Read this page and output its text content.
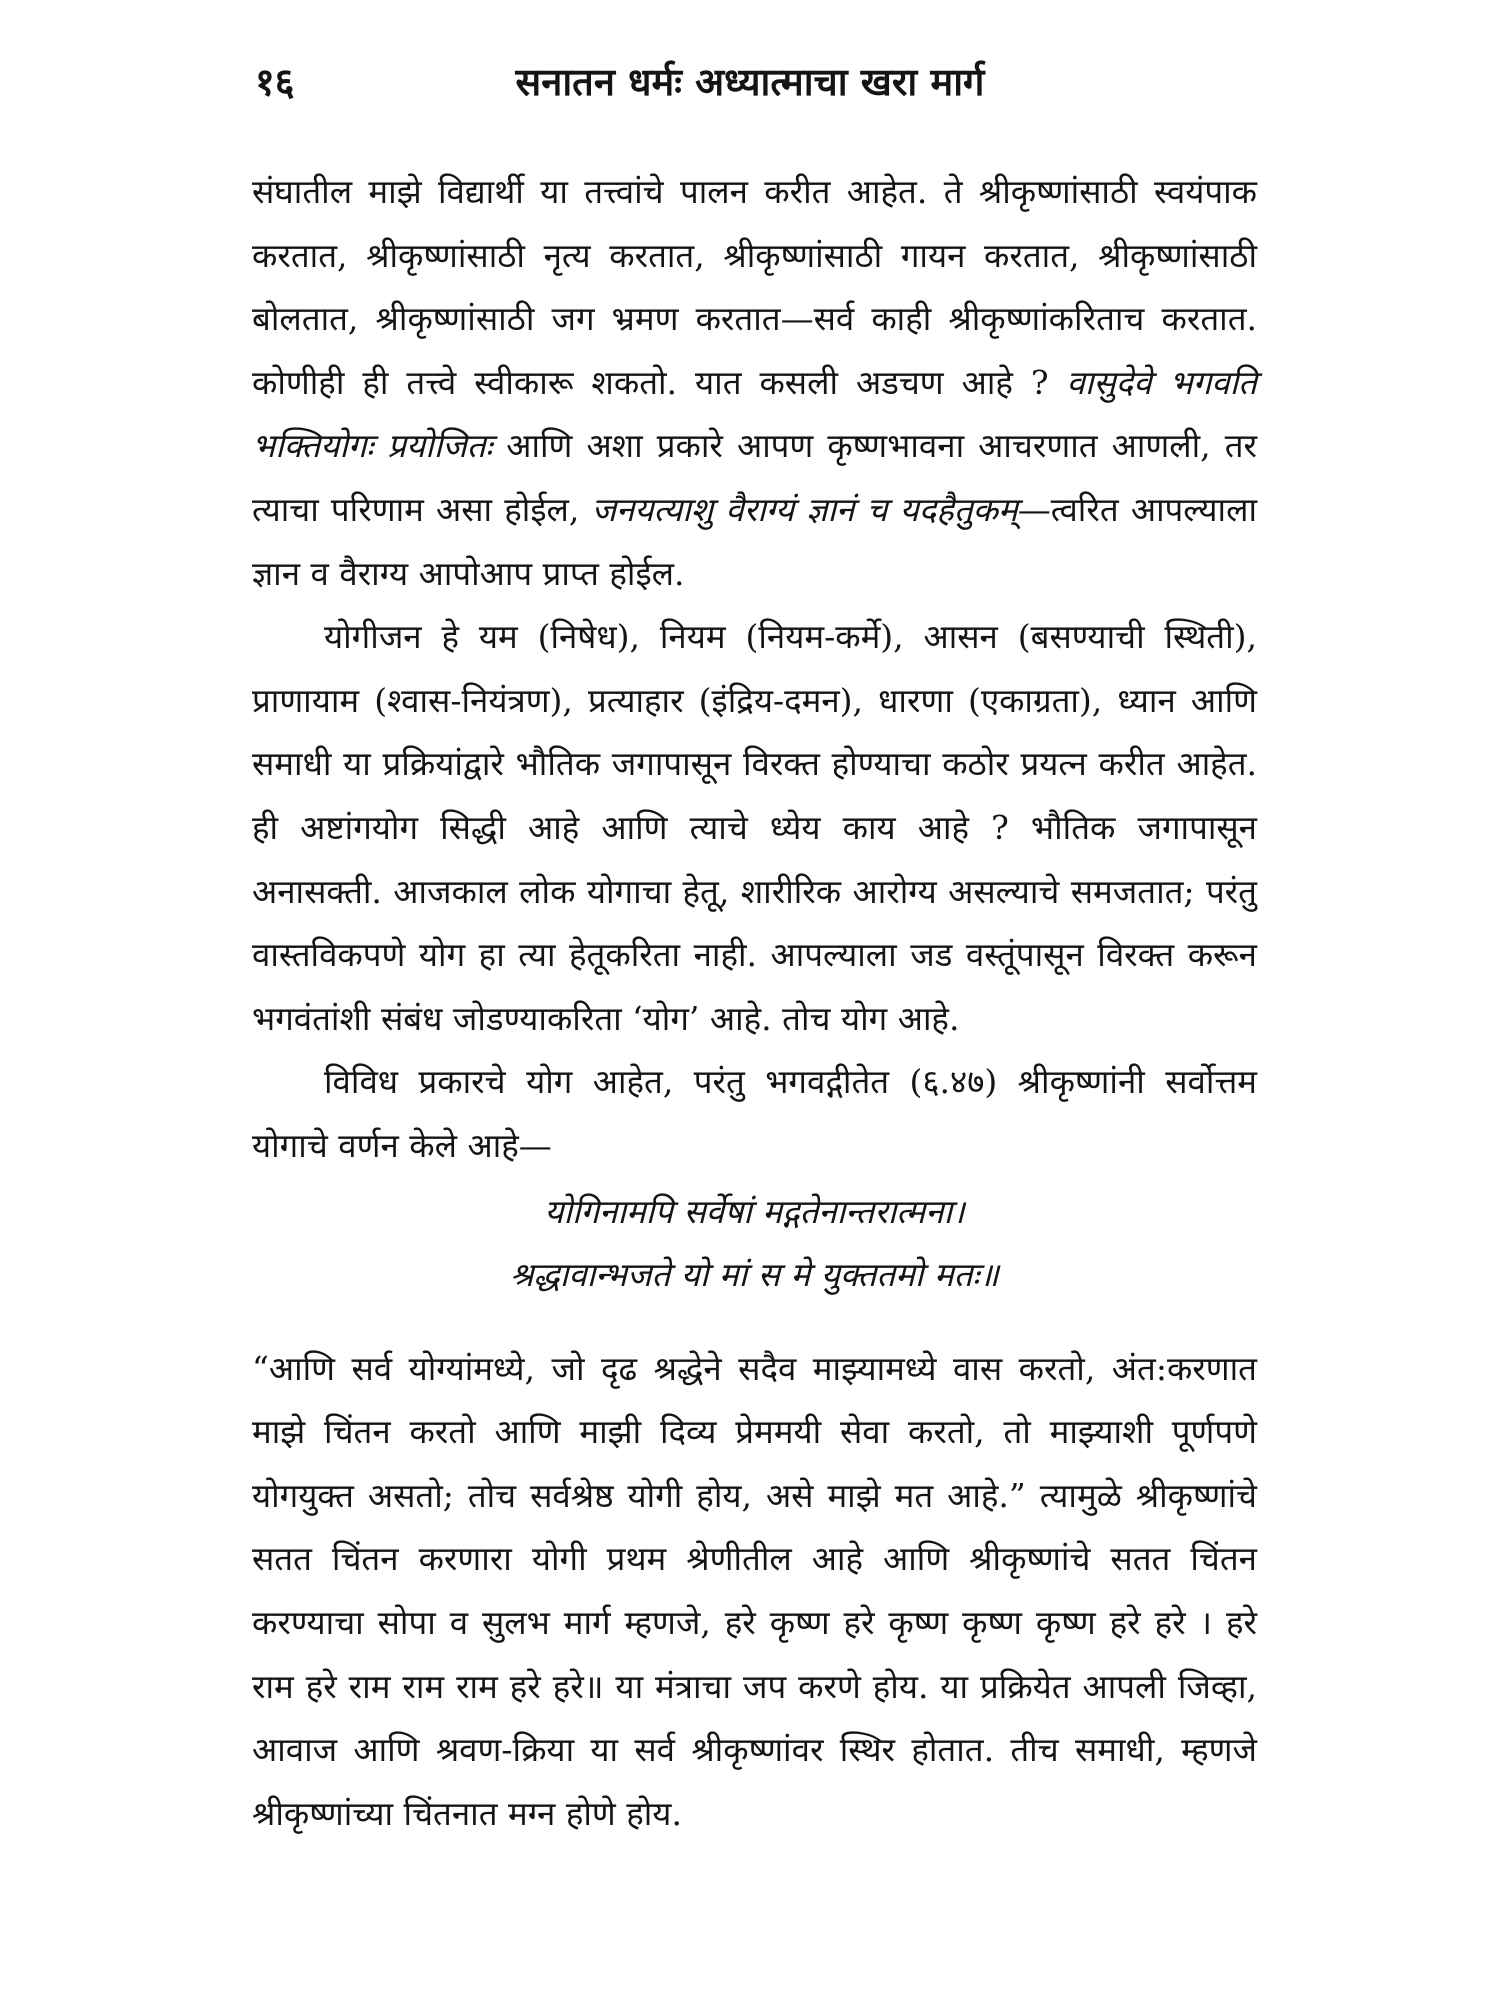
१६	सनातन धर्मः अध्यात्माचा खरा मार्ग

संघातील माझे विद्यार्थी या तत्त्वांचे पालन करीत आहेत. ते श्रीकृष्णांसाठी स्वयंपाक करतात, श्रीकृष्णांसाठी नृत्य करतात, श्रीकृष्णांसाठी गायन करतात, श्रीकृष्णांसाठी बोलतात, श्रीकृष्णांसाठी जग भ्रमण करतात—सर्व काही श्रीकृष्णांकरिताच करतात. कोणीही ही तत्त्वे स्वीकारू शकतो. यात कसली अडचण आहे ? वासुदेवे भगवति भक्तियोगः प्रयोजितः आणि अशा प्रकारे आपण कृष्णभावना आचरणात आणली, तर त्याचा परिणाम असा होईल, जनयत्याशु वैराग्यं ज्ञानं च यदहैतुकम्—त्वरित आपल्याला ज्ञान व वैराग्य आपोआप प्राप्त होईल.

योगीजन हे यम (निषेध), नियम (नियम-कर्मे), आसन (बसण्याची स्थिती), प्राणायाम (श्वास-नियंत्रण), प्रत्याहार (इंद्रिय-दमन), धारणा (एकाग्रता), ध्यान आणि समाधी या प्रक्रियांद्वारे भौतिक जगापासून विरक्त होण्याचा कठोर प्रयत्न करीत आहेत. ही अष्टांगयोग सिद्धी आहे आणि त्याचे ध्येय काय आहे ? भौतिक जगापासून अनासक्ती. आजकाल लोक योगाचा हेतू, शारीरिक आरोग्य असल्याचे समजतात; परंतु वास्तविकपणे योग हा त्या हेतूकरिता नाही. आपल्याला जड वस्तूंपासून विरक्त करून भगवंतांशी संबंध जोडण्याकरिता ‘योग’ आहे. तोच योग आहे.

विविध प्रकारचे योग आहेत, परंतु भगवद्गीतेत (६.४७) श्रीकृष्णांनी सर्वोत्तम योगाचे वर्णन केले आहे—

योगिनामपि सर्वेषां मद्गतेनान्तरात्मना।
श्रद्धावान्भजते यो मां स मे युक्ततमो मतः॥

“आणि सर्व योग्यांमध्ये, जो दृढ श्रद्धेने सदैव माझ्यामध्ये वास करतो, अंत:करणात माझे चिंतन करतो आणि माझी दिव्य प्रेममयी सेवा करतो, तो माझ्याशी पूर्णपणे योगयुक्त असतो; तोच सर्वश्रेष्ठ योगी होय, असे माझे मत आहे.” त्यामुळे श्रीकृष्णांचे सतत चिंतन करणारा योगी प्रथम श्रेणीतील आहे आणि श्रीकृष्णांचे सतत चिंतन करण्याचा सोपा व सुलभ मार्ग म्हणजे, हरे कृष्ण हरे कृष्ण कृष्ण कृष्ण हरे हरे । हरे राम हरे राम राम राम हरे हरे॥ या मंत्राचा जप करणे होय. या प्रक्रियेत आपली जिव्हा, आवाज आणि श्रवण-क्रिया या सर्व श्रीकृष्णांवर स्थिर होतात. तीच समाधी, म्हणजे श्रीकृष्णांच्या चिंतनात मग्न होणे होय.
